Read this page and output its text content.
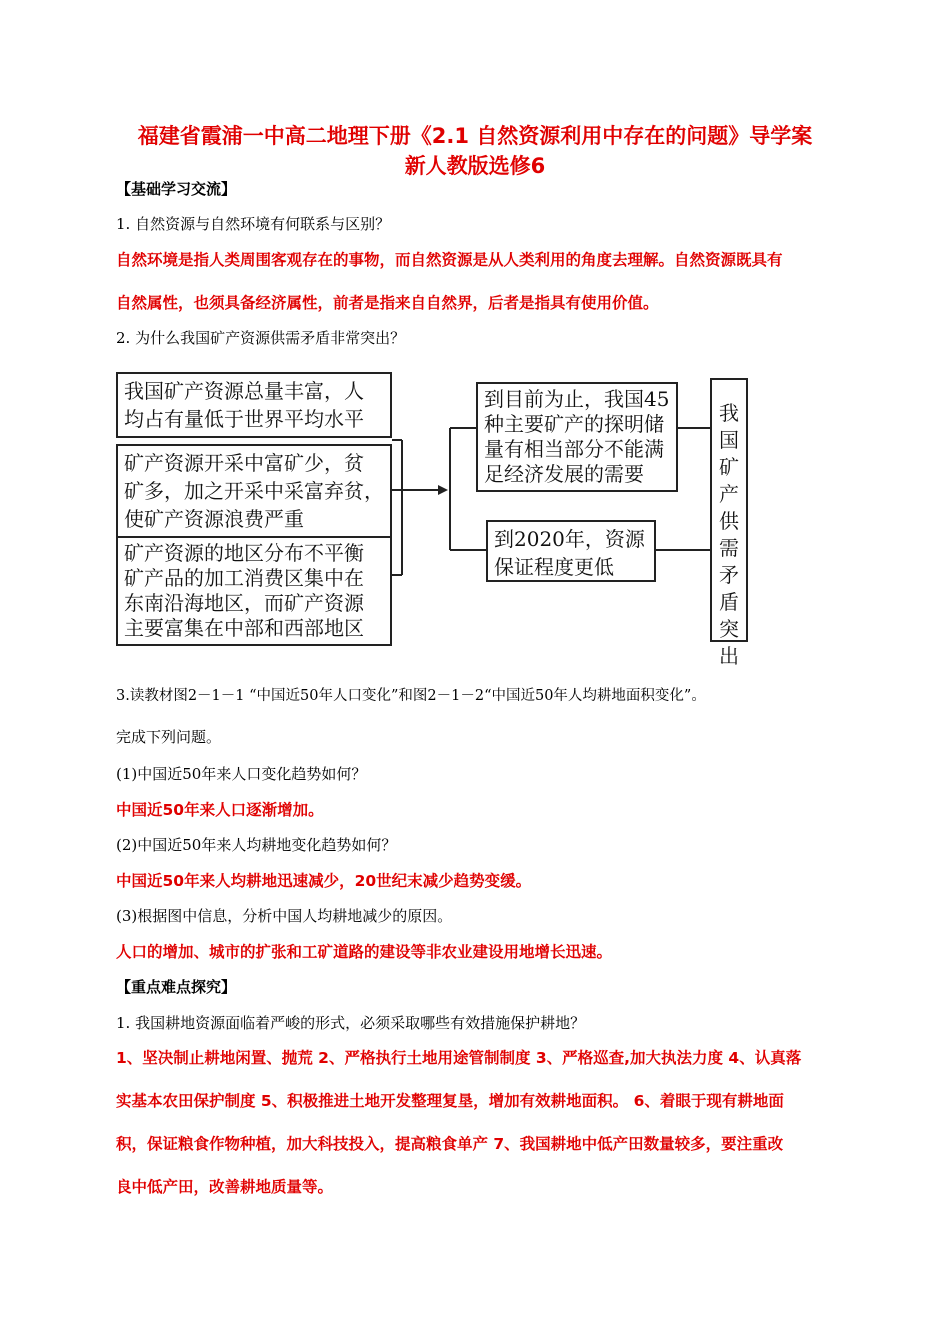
福建省霞浦一中高二地理下册《2.1 自然资源利用中存在的问题》导学案
新人教版选修6
【基础学习交流】
1. 自然资源与自然环境有何联系与区别？
自然环境是指人类周围客观存在的事物，而自然资源是从人类利用的角度去理解。自然资源既具有
自然属性，也须具备经济属性，前者是指来自自然界，后者是指具有使用价值。
2. 为什么我国矿产资源供需矛盾非常突出？
我国矿产资源总量丰富，人
均占有量低于世界平均水平
矿产资源开采中富矿少，贫
矿多，加之开采中采富弃贫，
使矿产资源浪费严重
矿产资源的地区分布不平衡
矿产品的加工消费区集中在
东南沿海地区，而矿产资源
主要富集在中部和西部地区
到目前为止，我国45
种主要矿产的探明储
量有相当部分不能满
足经济发展的需要
到2020年，资源
保证程度更低
我
国
矿
产
供
需
矛
盾
突
出
3.读教材图2－1－1 “中国近50年人口变化”和图2－1－2“中国近50年人均耕地面积变化”。
完成下列问题。
(1)中国近50年来人口变化趋势如何？
中国近50年来人口逐渐增加。
(2)中国近50年来人均耕地变化趋势如何？
中国近50年来人均耕地迅速减少，20世纪末减少趋势变缓。
(3)根据图中信息，分析中国人均耕地减少的原因。
人口的增加、城市的扩张和工矿道路的建设等非农业建设用地增长迅速。
【重点难点探究】
1. 我国耕地资源面临着严峻的形式，必须采取哪些有效措施保护耕地？
1、坚决制止耕地闲置、抛荒 2、严格执行土地用途管制制度 3、严格巡查,加大执法力度 4、认真落
实基本农田保护制度 5、积极推进土地开发整理复垦，增加有效耕地面积。 6、着眼于现有耕地面
积，保证粮食作物种植，加大科技投入，提高粮食单产 7、我国耕地中低产田数量较多，要注重改
良中低产田，改善耕地质量等。
